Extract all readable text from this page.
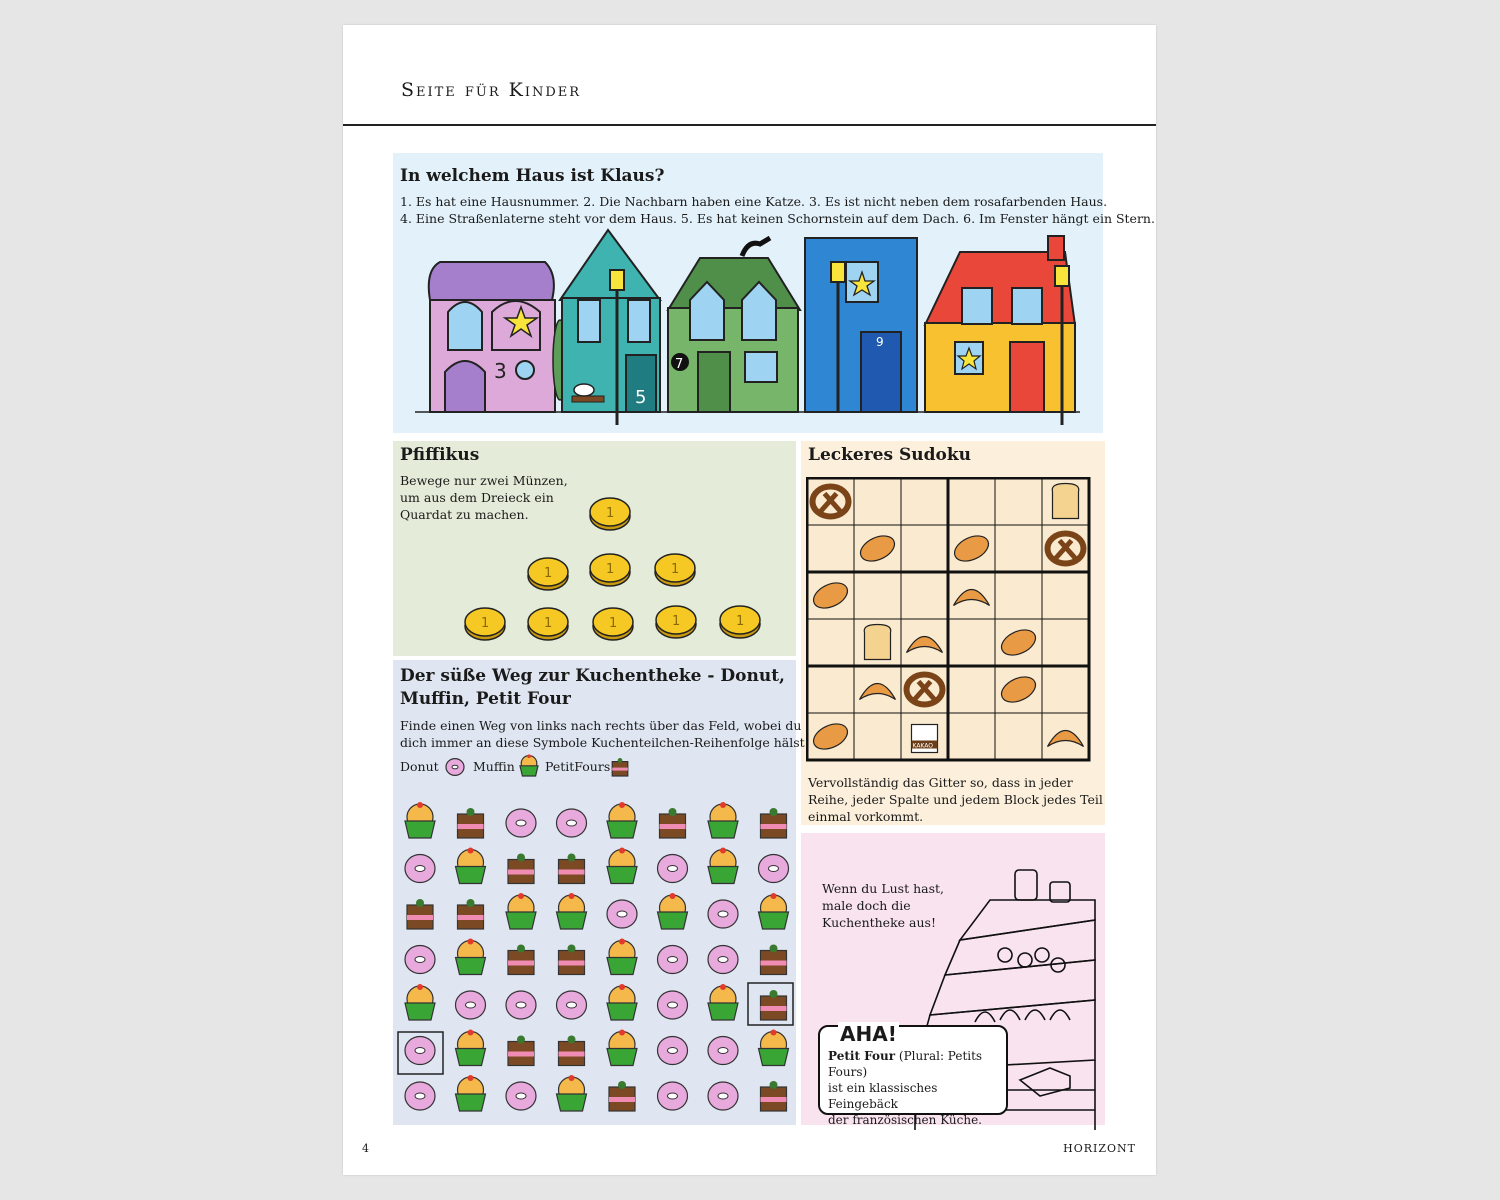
Seite für Kinder
4	HORIZONT
In welchem Haus ist Klaus?
1. Es hat eine Hausnummer. 2. Die Nachbarn haben eine Katze. 3. Es ist nicht neben dem rosafarbenden Haus.
4. Eine Straßenlaterne steht vor dem Haus. 5. Es hat keinen Schornstein auf dem Dach. 6. Im Fenster hängt ein Stern.
3
5
7
9
Pfiffikus
Bewege nur zwei Münzen,
um aus dem Dreieck ein
Quardat zu machen.	1
1	1	1
1	1	1	1	1
Leckeres Sudoku
KAKAO
Vervollständig das Gitter so, dass in jeder
Reihe, jeder Spalte und jedem Block jedes Teil
einmal vorkommt.
Der süße Weg zur Kuchentheke - Donut,
Muffin, Petit Four
Finde einen Weg von links nach rechts über das Feld, wobei du
dich immer an diese Symbole Kuchenteilchen-Reihenfolge hälst:
Donut	Muffin PetitFours
Wenn du Lust hast,
male doch die
Kuchentheke aus!
AHA!
Petit Four (Plural: Petits Fours)
ist ein klassisches Feingebäck
der französischen Küche.
